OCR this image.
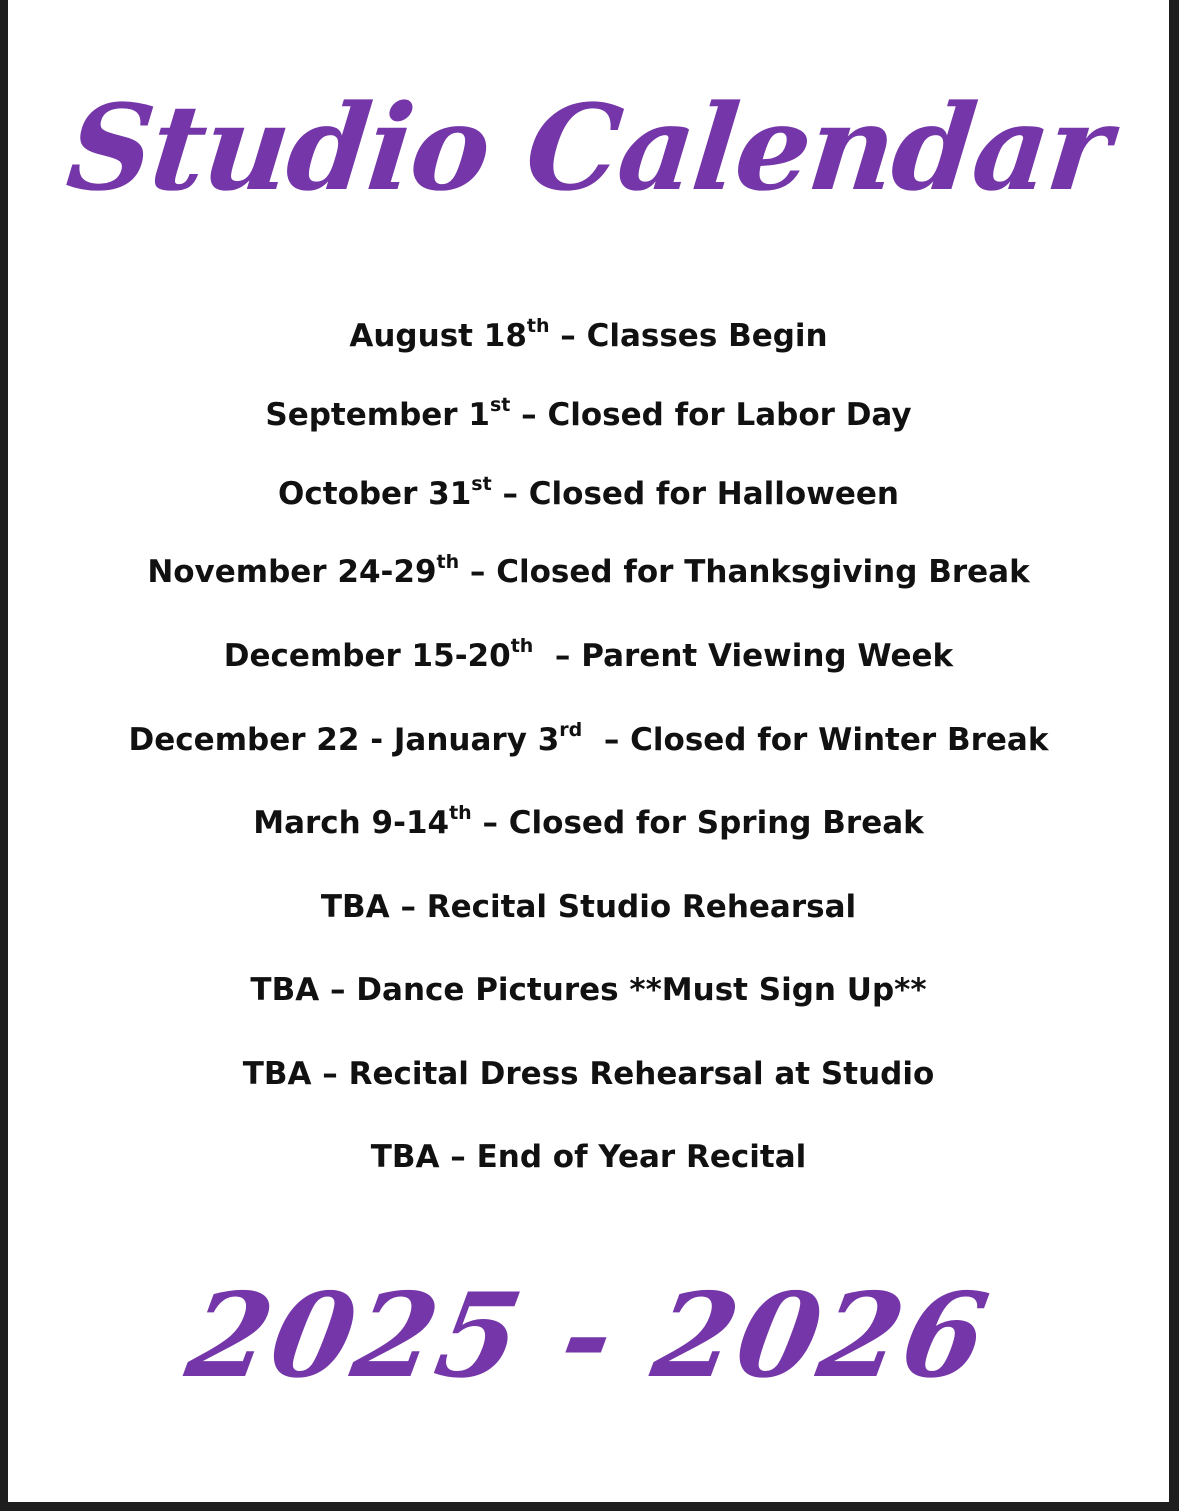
Studio Calendar
August 18th – Classes Begin
September 1st – Closed for Labor Day
October 31st – Closed for Halloween
November 24-29th – Closed for Thanksgiving Break
December 15-20th  – Parent Viewing Week
December 22 - January 3rd  – Closed for Winter Break
March 9-14th – Closed for Spring Break
TBA – Recital Studio Rehearsal
TBA – Dance Pictures **Must Sign Up**
TBA – Recital Dress Rehearsal at Studio
TBA – End of Year Recital
2025 - 2026
